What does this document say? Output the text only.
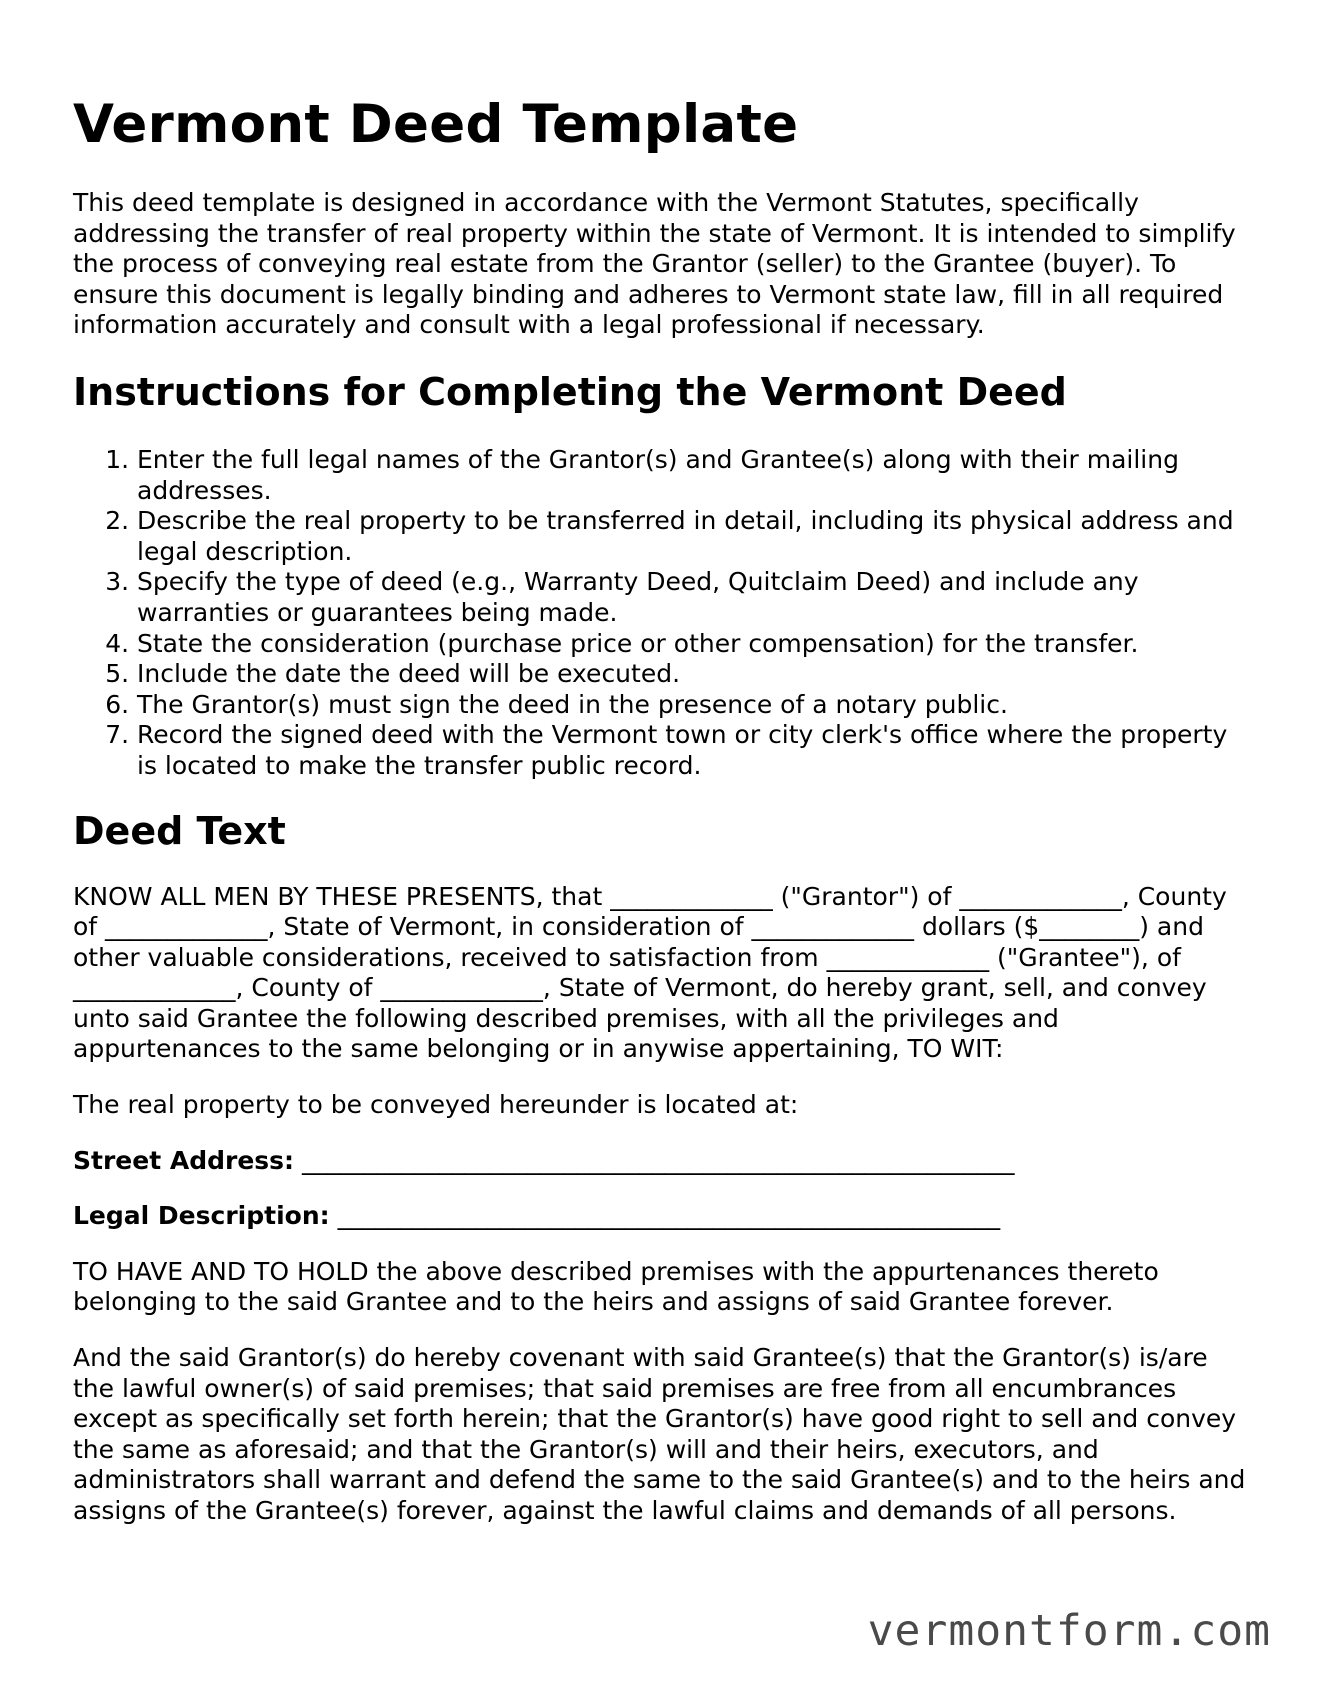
Vermont Deed Template

This deed template is designed in accordance with the Vermont Statutes, specifically addressing the transfer of real property within the state of Vermont. It is intended to simplify the process of conveying real estate from the Grantor (seller) to the Grantee (buyer). To ensure this document is legally binding and adheres to Vermont state law, fill in all required information accurately and consult with a legal professional if necessary.

Instructions for Completing the Vermont Deed
1. Enter the full legal names of the Grantor(s) and Grantee(s) along with their mailing addresses.
2. Describe the real property to be transferred in detail, including its physical address and legal description.
3. Specify the type of deed (e.g., Warranty Deed, Quitclaim Deed) and include any warranties or guarantees being made.
4. State the consideration (purchase price or other compensation) for the transfer.
5. Include the date the deed will be executed.
6. The Grantor(s) must sign the deed in the presence of a notary public.
7. Record the signed deed with the Vermont town or city clerk's office where the property is located to make the transfer public record.
Deed Text

KNOW ALL MEN BY THESE PRESENTS, that _____________ ("Grantor") of _____________, County of _____________, State of Vermont, in consideration of _____________ dollars ($________) and other valuable considerations, received to satisfaction from _____________ ("Grantee"), of _____________, County of _____________, State of Vermont, do hereby grant, sell, and convey unto said Grantee the following described premises, with all the privileges and appurtenances to the same belonging or in anywise appertaining, TO WIT:

The real property to be conveyed hereunder is located at:

Street Address: _________________________________________________________

Legal Description: _____________________________________________________

TO HAVE AND TO HOLD the above described premises with the appurtenances thereto belonging to the said Grantee and to the heirs and assigns of said Grantee forever.

And the said Grantor(s) do hereby covenant with said Grantee(s) that the Grantor(s) is/are the lawful owner(s) of said premises; that said premises are free from all encumbrances except as specifically set forth herein; that the Grantor(s) have good right to sell and convey the same as aforesaid; and that the Grantor(s) will and their heirs, executors, and administrators shall warrant and defend the same to the said Grantee(s) and to the heirs and assigns of the Grantee(s) forever, against the lawful claims and demands of all persons.

vermontform.com
